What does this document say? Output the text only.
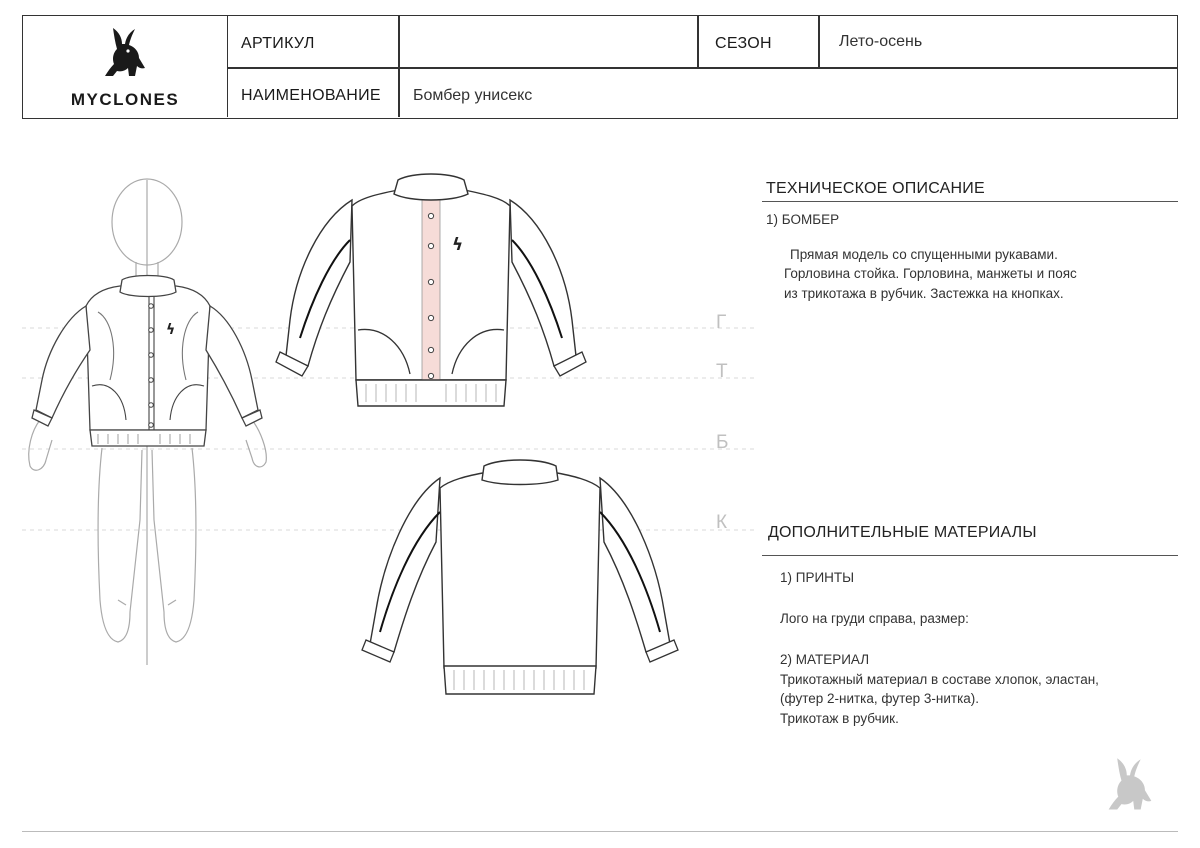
MYCLONES
АРТИКУЛ	СЕЗОН	Лето-осень
НАИМЕНОВАНИЕ Бомбер унисекс
Г
Т
Б
К
ϟ
ϟ
ТЕХНИЧЕСКОЕ ОПИСАНИЕ
1) БОМБЕР
Прямая модель со спущенными рукавами.
Горловина стойка. Горловина, манжеты и пояс
из трикотажа в рубчик. Застежка на кнопках.
ДОПОЛНИТЕЛЬНЫЕ МАТЕРИАЛЫ
1) ПРИНТЫ
Лого на груди справа, размер:
2) МАТЕРИАЛ
Трикотажный материал в составе хлопок, эластан,
(футер 2-нитка, футер 3-нитка).
Трикотаж в рубчик.
